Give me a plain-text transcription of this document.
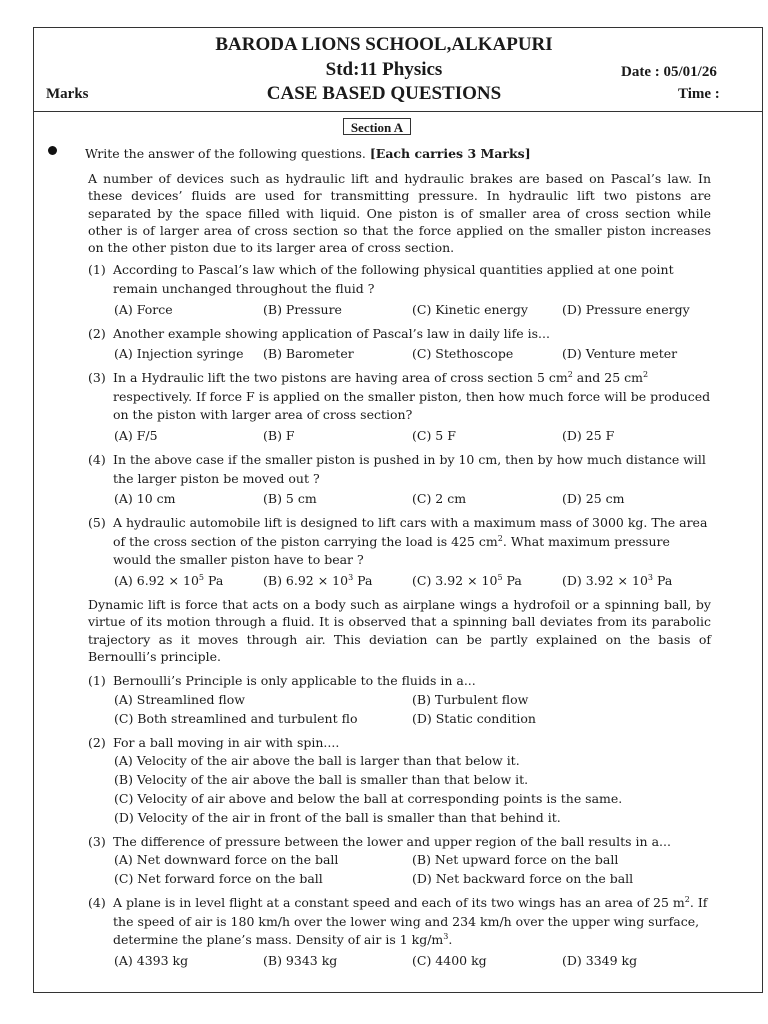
BARODA LIONS SCHOOL,ALKAPURI
Std:11 Physics
CASE BASED QUESTIONS
Date : 05/01/26
Marks	Time :
Section A
Write the answer of the following questions. [Each carries 3 Marks]

A number of devices such as hydraulic lift and hydraulic brakes are based on Pascal’s law. In these devices’ fluids are used for transmitting pressure. In hydraulic lift two pistons are separated by the space filled with liquid. One piston is of smaller area of cross section while other is of larger area of cross section so that the force applied on the smaller piston increases on the other piston due to its larger area of cross section.

(1) According to Pascal’s law which of the following physical quantities applied at one point remain unchanged throughout the fluid ?

(A) Force	(B) Pressure	(C) Kinetic energy	(D) Pressure energy
(2) Another example showing application of Pascal’s law in daily life is...

(A) Injection syringe (B) Barometer	(C) Stethoscope	(D) Venture meter
(3) In a Hydraulic lift the two pistons are having area of cross section 5 $cm^2$ and 25 $cm^2$ respectively. If force F is applied on the smaller piston, then how much force will be produced on the piston with larger area of cross section?

(A) F/5	(B) F	(C) 5 F	(D) 25 F
(4) In the above case if the smaller piston is pushed in by 10 cm, then by how much distance will the larger piston be moved out ?

(A) 10 cm	(B) 5 cm	(C) 2 cm	(D) 25 cm
(5) A hydraulic automobile lift is designed to lift cars with a maximum mass of 3000 kg. The area of the cross section of the piston carrying the load is 425 $cm^2$. What maximum pressure would the smaller piston have to bear ?

(A) $6.92 \times 10^5$ Pa	(B) $6.92 \times 10^3$ Pa	(C) $3.92 \times 10^5$ Pa	(D) $3.92 \times 10^3$ Pa

Dynamic lift is force that acts on a body such as airplane wings a hydrofoil or a spinning ball, by virtue of its motion through a fluid. It is observed that a spinning ball deviates from its parabolic trajectory as it moves through air. This deviation can be partly explained on the basis of Bernoulli’s principle.

(1) Bernoulli’s Principle is only applicable to the fluids in a...

(A) Streamlined flow	(B) Turbulent flow
(C) Both streamlined and turbulent flo	(D) Static condition
(2) For a ball moving in air with spin....

(A) Velocity of the air above the ball is larger than that below it.
(B) Velocity of the air above the ball is smaller than that below it.
(C) Velocity of air above and below the ball at corresponding points is the same.
(D) Velocity of the air in front of the ball is smaller than that behind it.
(3) The difference of pressure between the lower and upper region of the ball results in a...

(A) Net downward force on the ball	(B) Net upward force on the ball
(C) Net forward force on the ball	(D) Net backward force on the ball
(4) A plane is in level flight at a constant speed and each of its two wings has an area of 25 $m^2$. If the speed of air is 180 km/h over the lower wing and 234 km/h over the upper wing surface, determine the plane’s mass. Density of air is 1 $kg/m^3$.

(A) 4393 kg	(B) 9343 kg	(C) 4400 kg	(D) 3349 kg
